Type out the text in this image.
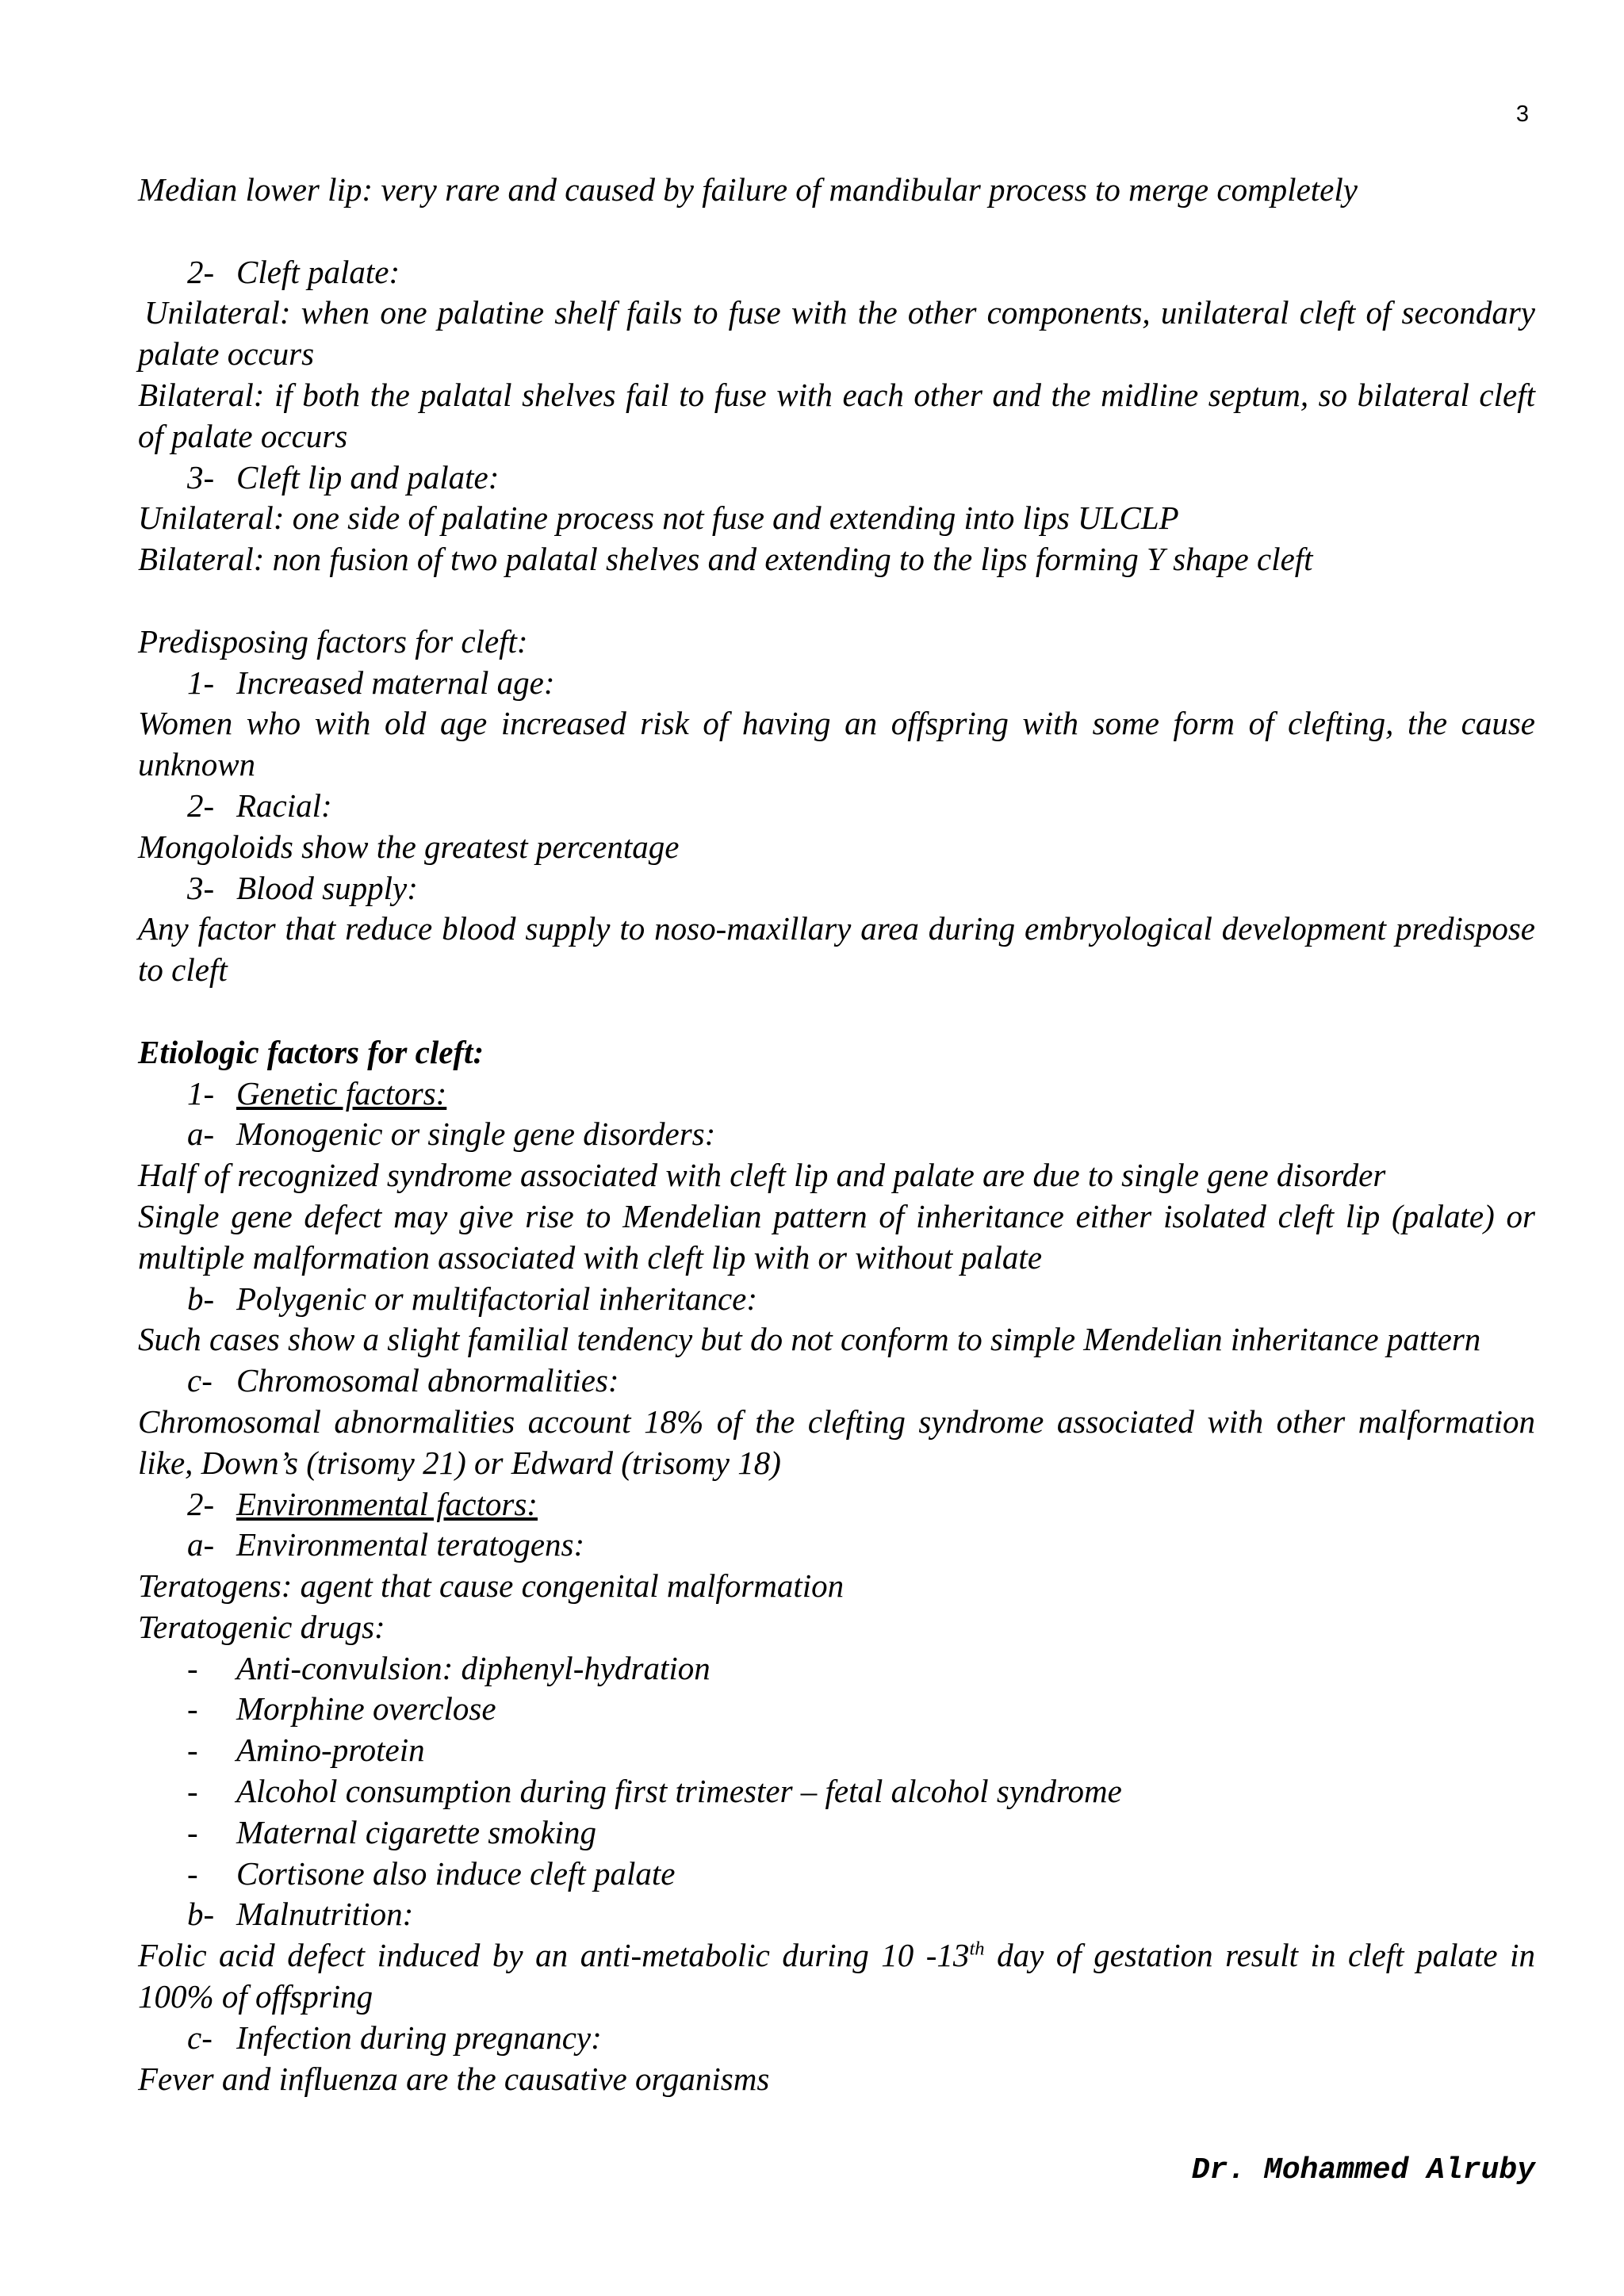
3
Median lower lip: very rare and caused by failure of mandibular process to merge completely
2- Cleft palate:
Unilateral: when one palatine shelf fails to fuse with the other components, unilateral cleft of secondary palate occurs
Bilateral: if both the palatal shelves fail to fuse with each other and the midline septum, so bilateral cleft of palate occurs
3- Cleft lip and palate:
Unilateral: one side of palatine process not fuse and extending into lips ULCLP
Bilateral: non fusion of two palatal shelves and extending to the lips forming Y shape cleft
Predisposing factors for cleft:
1- Increased maternal age:
Women who with old age increased risk of having an offspring with some form of clefting, the cause unknown
2- Racial:
Mongoloids show the greatest percentage
3- Blood supply:
Any factor that reduce blood supply to noso-maxillary area during embryological development predispose to cleft
Etiologic factors for cleft:
1- Genetic factors:
a- Monogenic or single gene disorders:
Half of recognized syndrome associated with cleft lip and palate are due to single gene disorder
Single gene defect may give rise to Mendelian pattern of inheritance either isolated cleft lip (palate) or multiple malformation associated with cleft lip with or without palate
b- Polygenic or multifactorial inheritance:
Such cases show a slight familial tendency but do not conform to simple Mendelian inheritance pattern
c- Chromosomal abnormalities:
Chromosomal abnormalities account 18% of the clefting syndrome associated with other malformation like, Down’s (trisomy 21) or Edward (trisomy 18)
2- Environmental factors:
a- Environmental teratogens:
Teratogens: agent that cause congenital malformation
Teratogenic drugs:
- Anti-convulsion: diphenyl-hydration
- Morphine overclose
- Amino-protein
- Alcohol consumption during first trimester – fetal alcohol syndrome
- Maternal cigarette smoking
- Cortisone also induce cleft palate
b- Malnutrition:
Folic acid defect induced by an anti-metabolic during 10 -13th day of gestation result in cleft palate in 100% of offspring
c- Infection during pregnancy:
Fever and influenza are the causative organisms
Dr. Mohammed Alruby
